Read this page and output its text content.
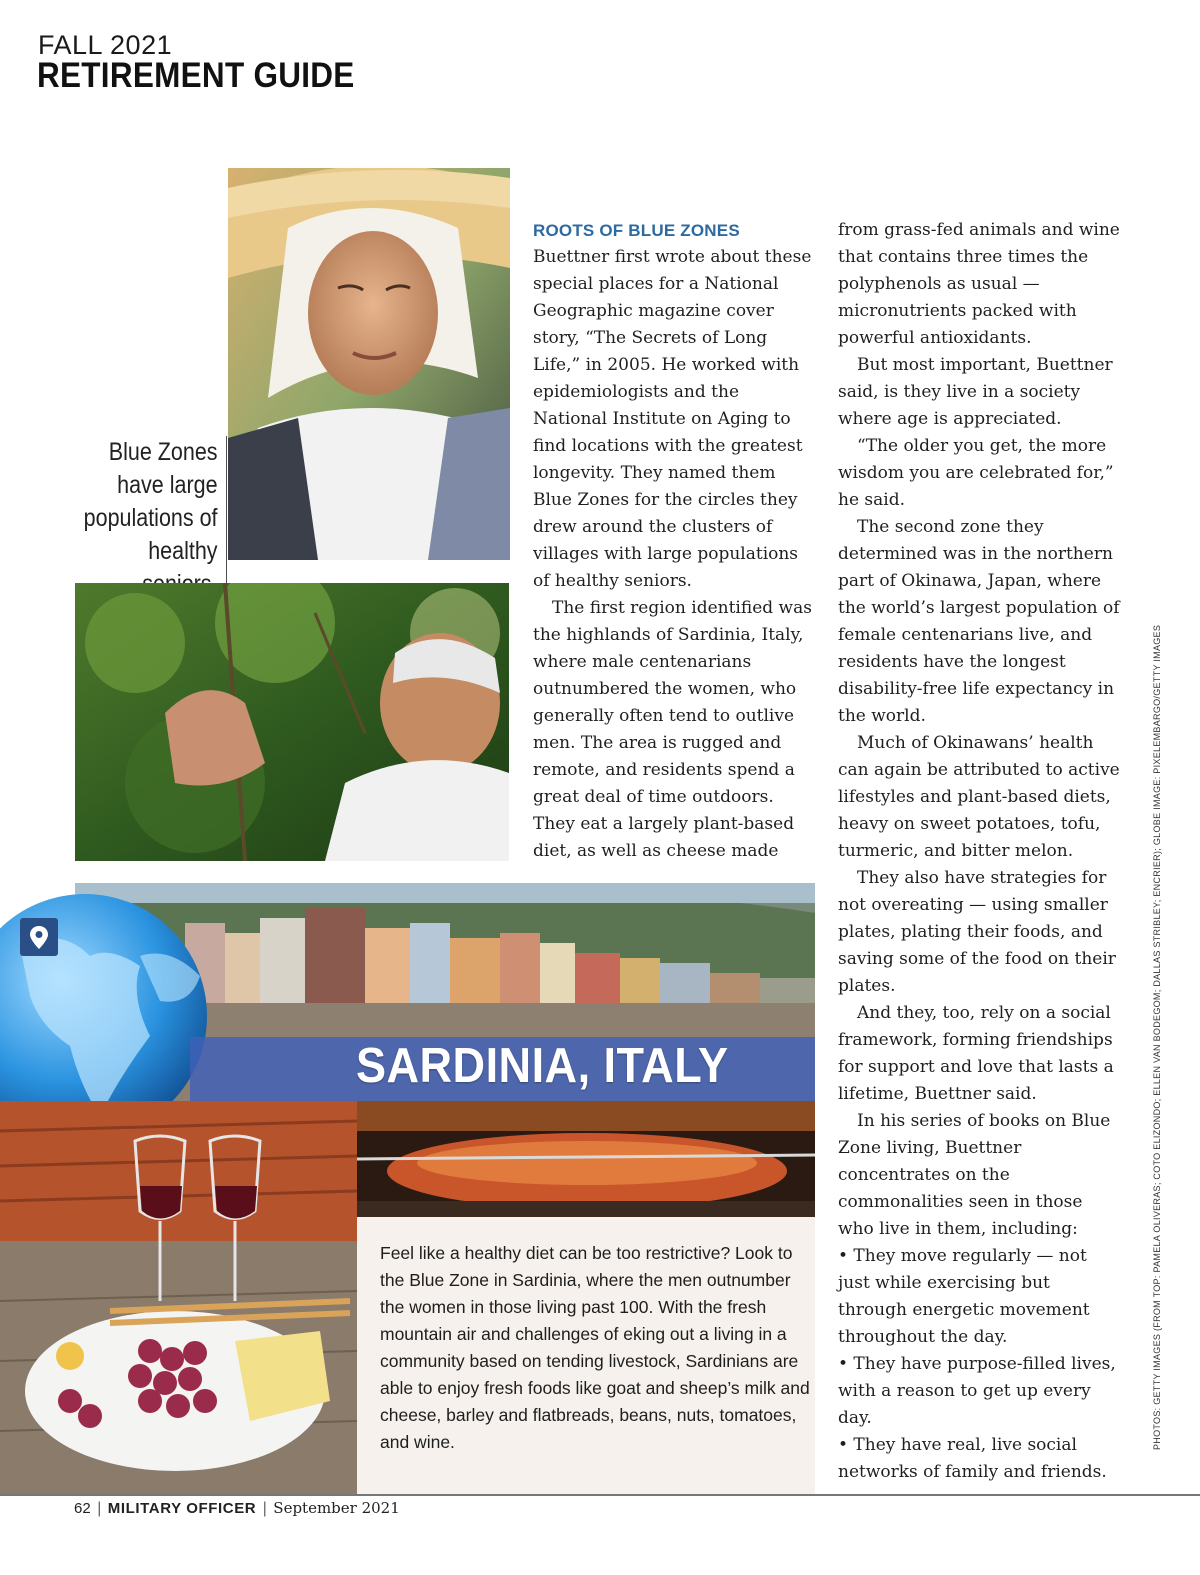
FALL 2021
RETIREMENT GUIDE
Blue Zones have large populations of healthy
SARDINIA, ITALY
Feel like a healthy diet can be too restrictive? Look to the Blue Zone in Sardinia, where the men outnumber the women in those living past 100. With the fresh mountain air and challenges of eking out a living in a community based on tending livestock, Sardinians are able to enjoy fresh foods like goat and sheep’s milk and cheese, barley and flatbreads, beans, nuts, tomatoes, and wine.
ROOTS OF BLUE ZONES

Buettner first wrote about these special places for a National Geographic magazine cover story, “The Secrets of Long Life,” in 2005. He worked with epidemiologists and the National Institute on Aging to find locations with the greatest longevity. They named them Blue Zones for the circles they drew around the clusters of villages with large populations of healthy seniors.

The first region identified was the highlands of Sardinia, Italy, where male centenarians outnumbered the women, who generally often tend to outlive men. The area is rugged and remote, and residents spend a great deal of time outdoors. They eat a largely plant-based diet, as well as cheese made

from grass-fed animals and wine that contains three times the polyphenols as usual — micronutrients packed with powerful antioxidants.

But most important, Buettner said, is they live in a society where age is appreciated.

“The older you get, the more wisdom you are celebrated for,” he said.

The second zone they determined was in the northern part of Okinawa, Japan, where the world’s largest population of female centenarians live, and residents have the longest disability-free life expectancy in the world.

Much of Okinawans’ health can again be attributed to active lifestyles and plant-based diets, heavy on sweet potatoes, tofu, turmeric, and bitter melon.

They also have strategies for not overeating — using smaller plates, plating their foods, and saving some of the food on their plates.

And they, too, rely on a social framework, forming friendships for support and love that lasts a lifetime, Buettner said.

In his series of books on Blue Zone living, Buettner concentrates on the commonalities seen in those who live in them, including:

• They move regularly — not just while exercising but through energetic movement throughout the day.

• They have purpose-filled lives, with a reason to get up every day.

• They have real, live social networks of family and friends.

PHOTOS: GETTY IMAGES (FROM TOP: PAMELA OLIVERAS; COTO ELIZONDO; ELLEN VAN BODEGOM; DALLAS STRIBLEY; ENCRIER); GLOBE IMAGE: PIXELEMBARGO/GETTY IMAGES
62 | MILITARY OFFICER | September 2021
